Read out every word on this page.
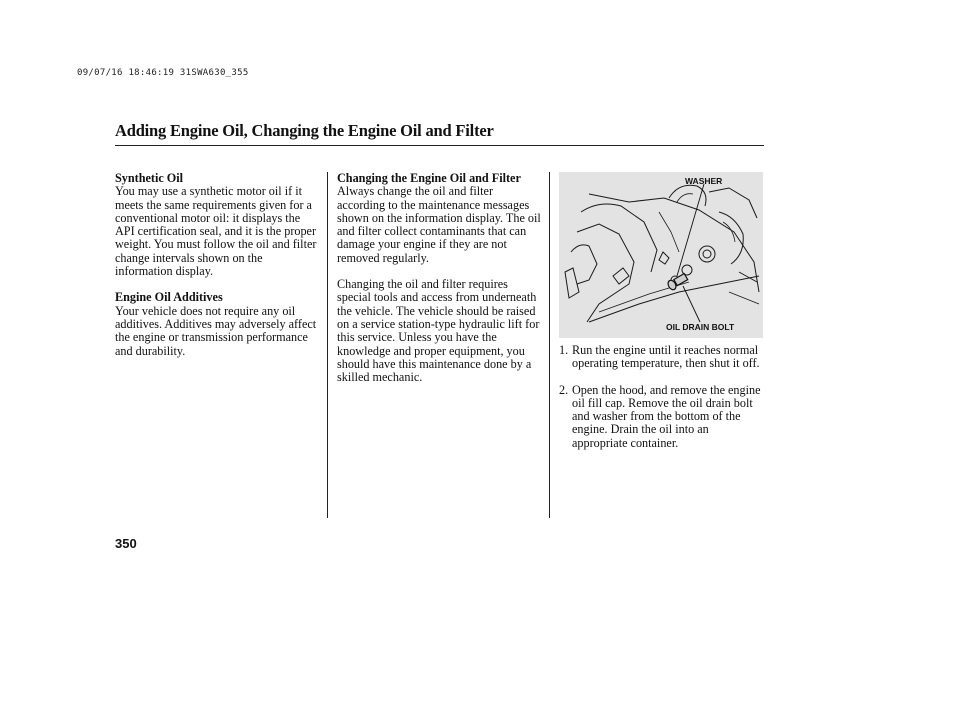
09/07/16 18:46:19 31SWA630_355
Adding Engine Oil, Changing the Engine Oil and Filter

Synthetic Oil
You may use a synthetic motor oil if it meets the same requirements given for a conventional motor oil: it displays the API certification seal, and it is the proper weight. You must follow the oil and filter change intervals shown on the information display.

Engine Oil Additives
Your vehicle does not require any oil additives. Additives may adversely affect the engine or transmission performance and durability.

Changing the Engine Oil and Filter
Always change the oil and filter according to the maintenance messages shown on the information display. The oil and filter collect contaminants that can damage your engine if they are not removed regularly.

Changing the oil and filter requires special tools and access from underneath the vehicle. The vehicle should be raised on a service station-type hydraulic lift for this service. Unless you have the knowledge and proper equipment, you should have this maintenance done by a skilled mechanic.

WASHER
OIL DRAIN BOLT
1. Run the engine until it reaches normal operating temperature, then shut it off.
2. Open the hood, and remove the engine oil fill cap. Remove the oil drain bolt and washer from the bottom of the engine. Drain the oil into an appropriate container.
350
